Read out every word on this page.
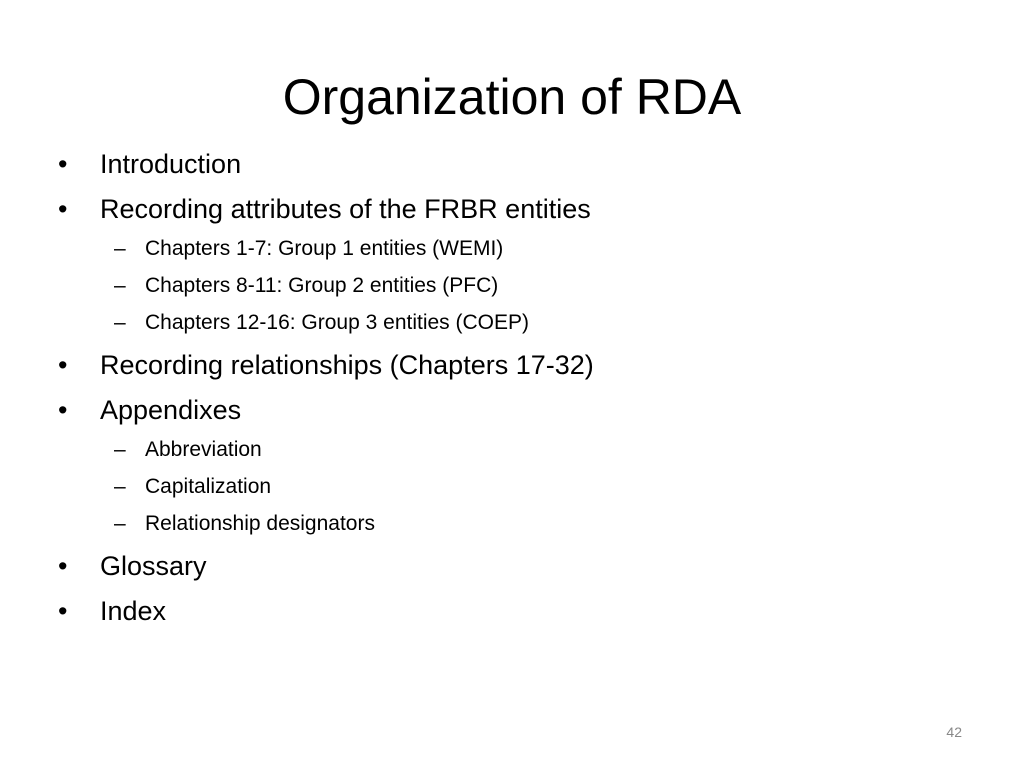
Organization of RDA
• Introduction
• Recording attributes of the FRBR entities
– Chapters 1-7: Group 1 entities (WEMI)
– Chapters 8-11: Group 2 entities (PFC)
– Chapters 12-16: Group 3 entities (COEP)
• Recording relationships (Chapters 17-32)
• Appendixes
– Abbreviation
– Capitalization
– Relationship designators
• Glossary
• Index
42
